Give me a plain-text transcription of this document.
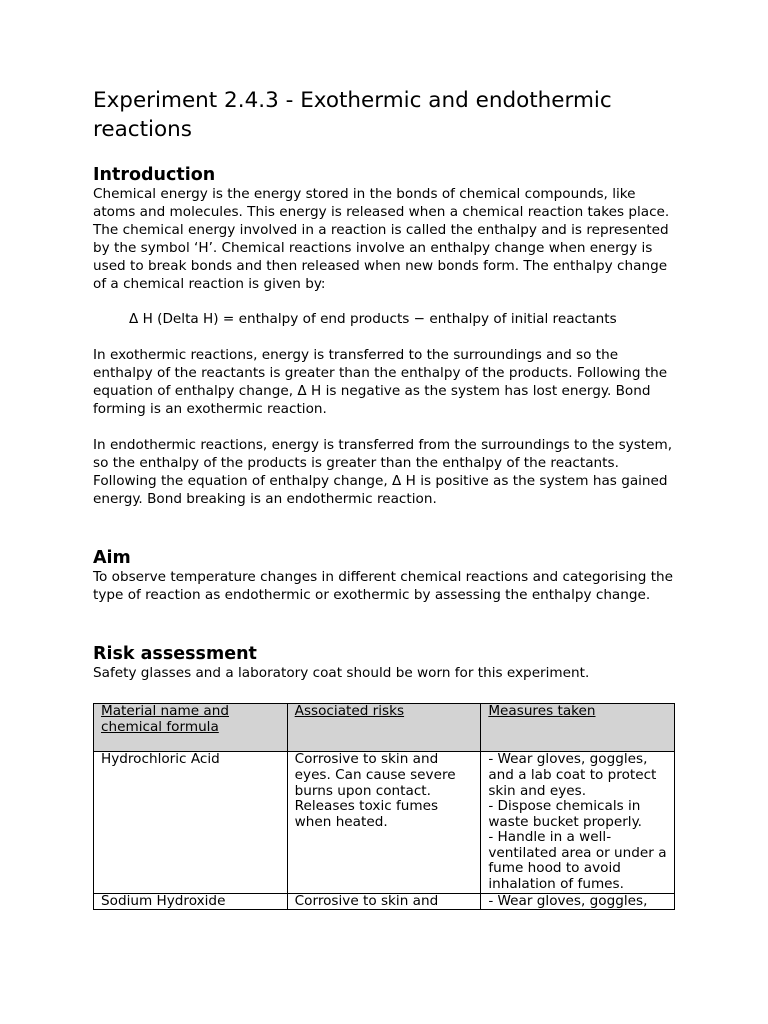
Experiment 2.4.3 - Exothermic and endothermic reactions
Introduction

Chemical energy is the energy stored in the bonds of chemical compounds, like atoms and molecules. This energy is released when a chemical reaction takes place. The chemical energy involved in a reaction is called the enthalpy and is represented by the symbol ‘H’. Chemical reactions involve an enthalpy change when energy is used to break bonds and then released when new bonds form. The enthalpy change of a chemical reaction is given by:

Δ H (Delta H) = enthalpy of end products − enthalpy of initial reactants

In exothermic reactions, energy is transferred to the surroundings and so the enthalpy of the reactants is greater than the enthalpy of the products. Following the equation of enthalpy change, Δ H is negative as the system has lost energy. Bond forming is an exothermic reaction.

In endothermic reactions, energy is transferred from the surroundings to the system, so the enthalpy of the products is greater than the enthalpy of the reactants. Following the equation of enthalpy change, Δ H is positive as the system has gained energy. Bond breaking is an endothermic reaction.

Aim

To observe temperature changes in different chemical reactions and categorising the type of reaction as endothermic or exothermic by assessing the enthalpy change.

Risk assessment

Safety glasses and a laboratory coat should be worn for this experiment.

Material name and chemical formula	Associated risks	Measures taken
Hydrochloric Acid	Corrosive to skin and eyes. Can cause severe burns upon contact. Releases toxic fumes when heated.	- Wear gloves, goggles, and a lab coat to protect skin and eyes.
- Dispose chemicals in waste bucket properly.
- Handle in a well-ventilated area or under a fume hood to avoid inhalation of fumes.

Sodium Hydroxide	Corrosive to skin and	- Wear gloves, goggles,
